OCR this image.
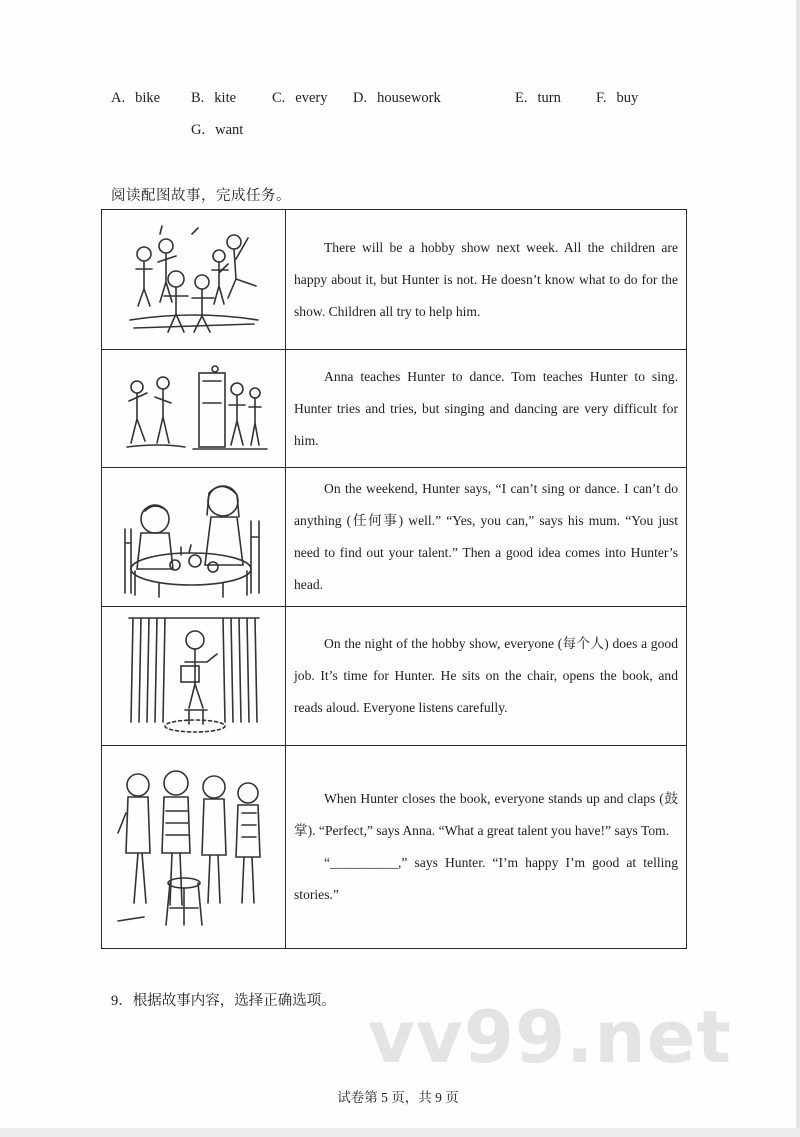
A. bike B. kite C. every D. housework	E. turn F. buy
G. want
阅读配图故事，完成任务。

There will be a hobby show next week. All the children are happy about it, but Hunter is not. He doesn’t know what to do for the show. Children all try to help him.

Anna teaches Hunter to dance. Tom teaches Hunter to sing. Hunter tries and tries, but singing and dancing are very difficult for him.

On the weekend, Hunter says, “I can’t sing or dance. I can’t do anything (任何事) well.” “Yes, you can,” says his mum. “You just need to find out your talent.” Then a good idea comes into Hunter’s head.

On the night of the hobby show, everyone (每个人) does a good job. It’s time for Hunter. He sits on the chair, opens the book, and reads aloud. Everyone listens carefully.

When Hunter closes the book, everyone stands up and claps (鼓掌). “Perfect,” says Anna. “What a great talent you have!” says Tom.

“__________,” says Hunter. “I’m happy I’m good at telling stories.”

9．根据故事内容，选择正确选项。 vv99.net
试卷第 5 页，共 9 页
